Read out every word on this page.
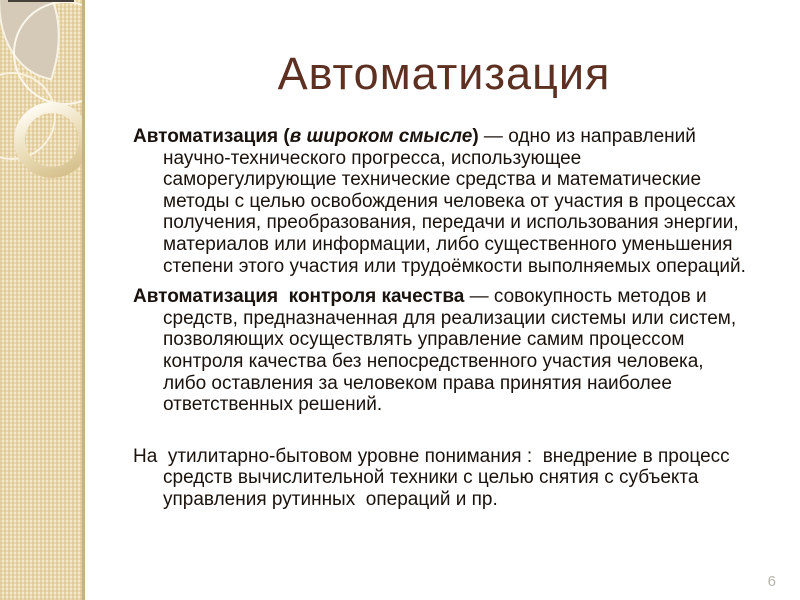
Автоматизация

Автоматизация (в широком смысле) — одно из направлений научно-технического прогресса, использующее саморегулирующие технические средства и математические методы с целью освобождения человека от участия в процессах получения, преобразования, передачи и использования энергии, материалов или информации, либо существенного уменьшения степени этого участия или трудоёмкости выполняемых операций.

Автоматизация  контроля качества — совокупность методов и средств, предназначенная для реализации системы или систем, позволяющих осуществлять управление самим процессом контроля качества без непосредственного участия человека, либо оставления за человеком права принятия наиболее ответственных решений.

На  утилитарно-бытовом уровне понимания :  внедрение в процесс средств вычислительной техники с целью снятия с субъекта управления рутинных  операций и пр.

6
